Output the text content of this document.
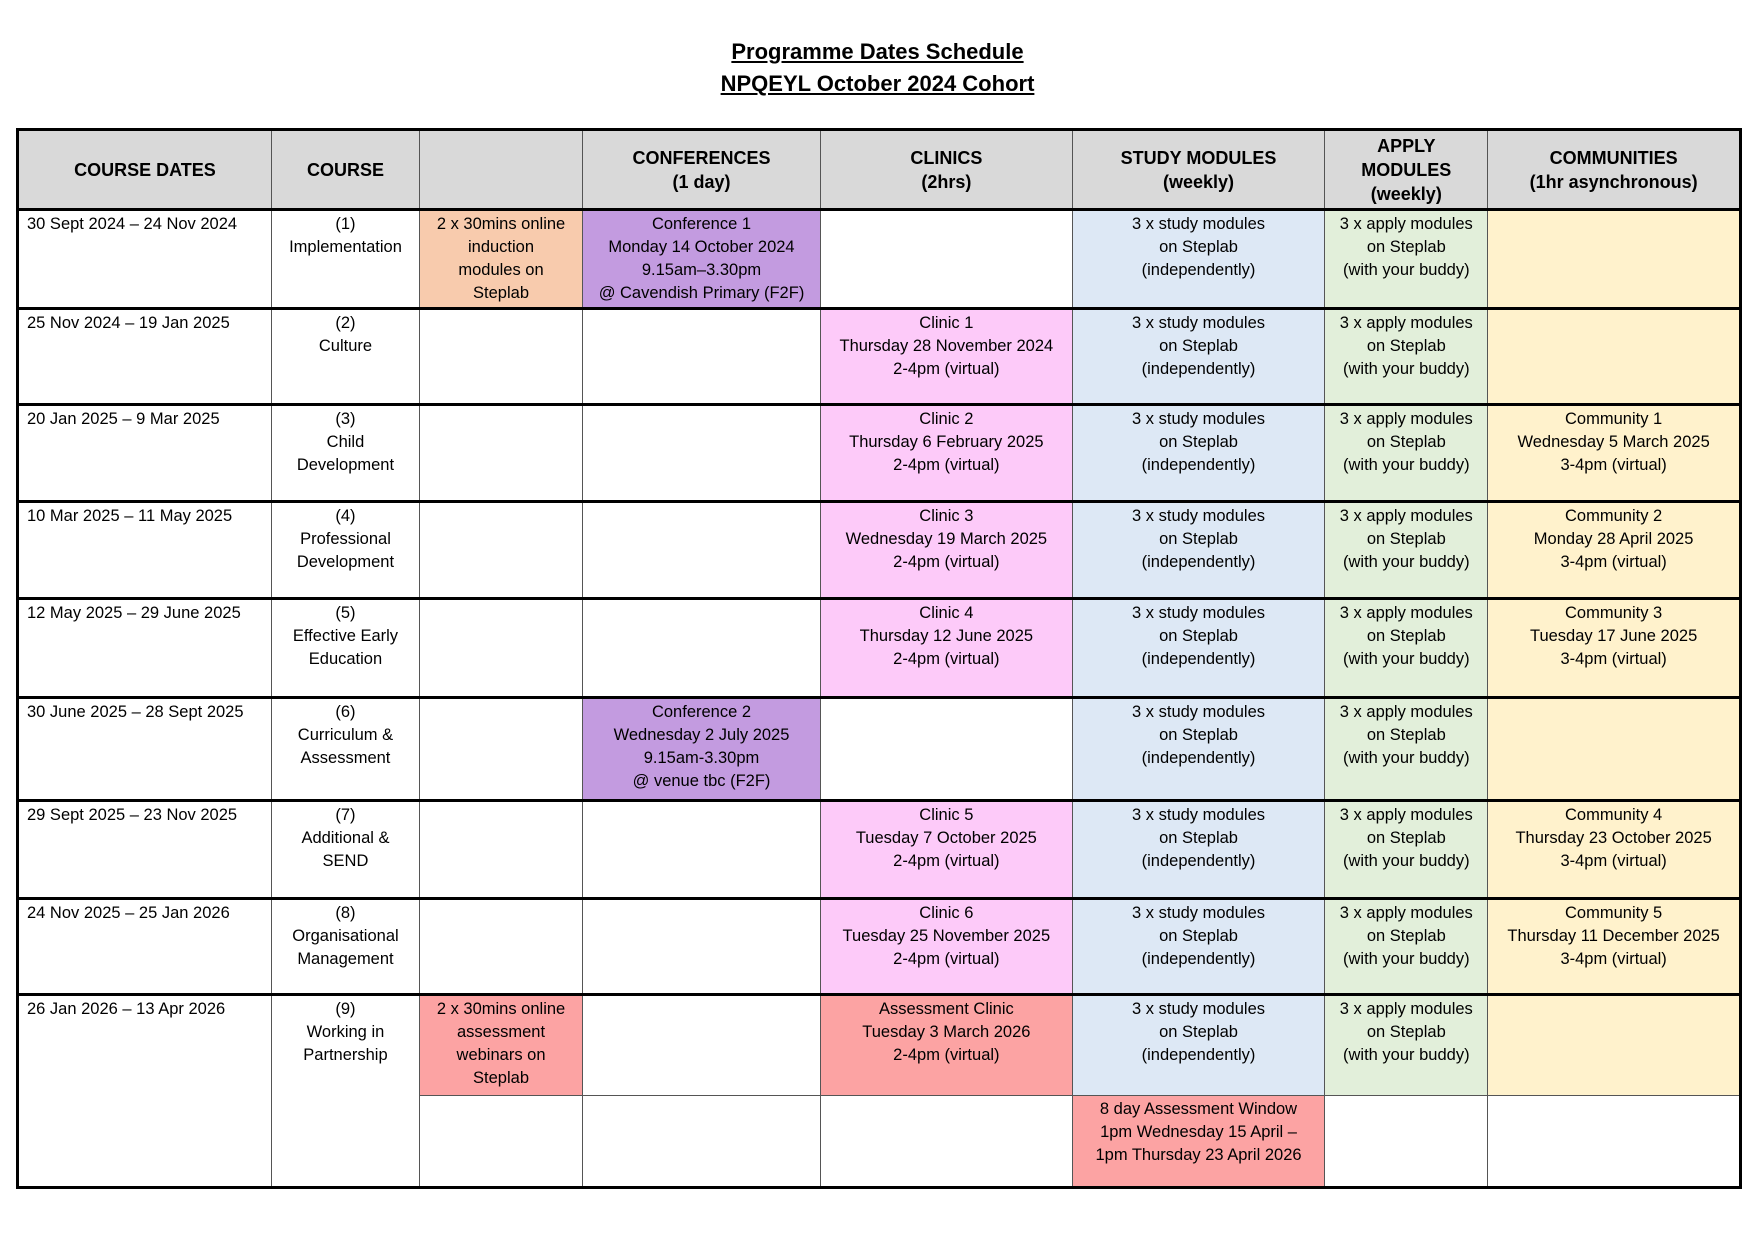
Programme Dates Schedule
NPQEYL October 2024 Cohort
COURSE DATES	COURSE		CONFERENCES
(1 day)	CLINICS
(2hrs)	STUDY MODULES
(weekly)	APPLY
MODULES
(weekly)	COMMUNITIES
(1hr asynchronous)

30 Sept 2024 – 24 Nov 2024	(1)
Implementation	2 x 30mins online
induction
modules on
Steplab	Conference 1
Monday 14 October 2024
9.15am–3.30pm
@ Cavendish Primary (F2F)		3 x study modules
on Steplab
(independently)	3 x apply modules
on Steplab
(with your buddy)	

25 Nov 2024 – 19 Jan 2025	(2)
Culture			Clinic 1
Thursday 28 November 2024
2-4pm (virtual)	3 x study modules
on Steplab
(independently)	3 x apply modules
on Steplab
(with your buddy)	

20 Jan 2025 – 9 Mar 2025	(3)
Child
Development			Clinic 2
Thursday 6 February 2025
2-4pm (virtual)	3 x study modules
on Steplab
(independently)	3 x apply modules
on Steplab
(with your buddy)	Community 1
Wednesday 5 March 2025
3-4pm (virtual)

10 Mar 2025 – 11 May 2025	(4)
Professional
Development			Clinic 3
Wednesday 19 March 2025
2-4pm (virtual)	3 x study modules
on Steplab
(independently)	3 x apply modules
on Steplab
(with your buddy)	Community 2
Monday 28 April 2025
3-4pm (virtual)

12 May 2025 – 29 June 2025	(5)
Effective Early
Education			Clinic 4
Thursday 12 June 2025
2-4pm (virtual)	3 x study modules
on Steplab
(independently)	3 x apply modules
on Steplab
(with your buddy)	Community 3
Tuesday 17 June 2025
3-4pm (virtual)

30 June 2025 – 28 Sept 2025	(6)
Curriculum &
Assessment		Conference 2
Wednesday 2 July 2025
9.15am-3.30pm
@ venue tbc (F2F)		3 x study modules
on Steplab
(independently)	3 x apply modules
on Steplab
(with your buddy)	

29 Sept 2025 – 23 Nov 2025	(7)
Additional &
SEND			Clinic 5
Tuesday 7 October 2025
2-4pm (virtual)	3 x study modules
on Steplab
(independently)	3 x apply modules
on Steplab
(with your buddy)	Community 4
Thursday 23 October 2025
3-4pm (virtual)

24 Nov 2025 – 25 Jan 2026	(8)
Organisational
Management			Clinic 6
Tuesday 25 November 2025
2-4pm (virtual)	3 x study modules
on Steplab
(independently)	3 x apply modules
on Steplab
(with your buddy)	Community 5
Thursday 11 December 2025
3-4pm (virtual)

26 Jan 2026 – 13 Apr 2026	(9)
Working in
Partnership	2 x 30mins online
assessment
webinars on
Steplab		Assessment Clinic
Tuesday 3 March 2026
2-4pm (virtual)	3 x study modules
on Steplab
(independently)	3 x apply modules
on Steplab
(with your buddy)	

					8 day Assessment Window
1pm Wednesday 15 April –
1pm Thursday 23 April 2026		
